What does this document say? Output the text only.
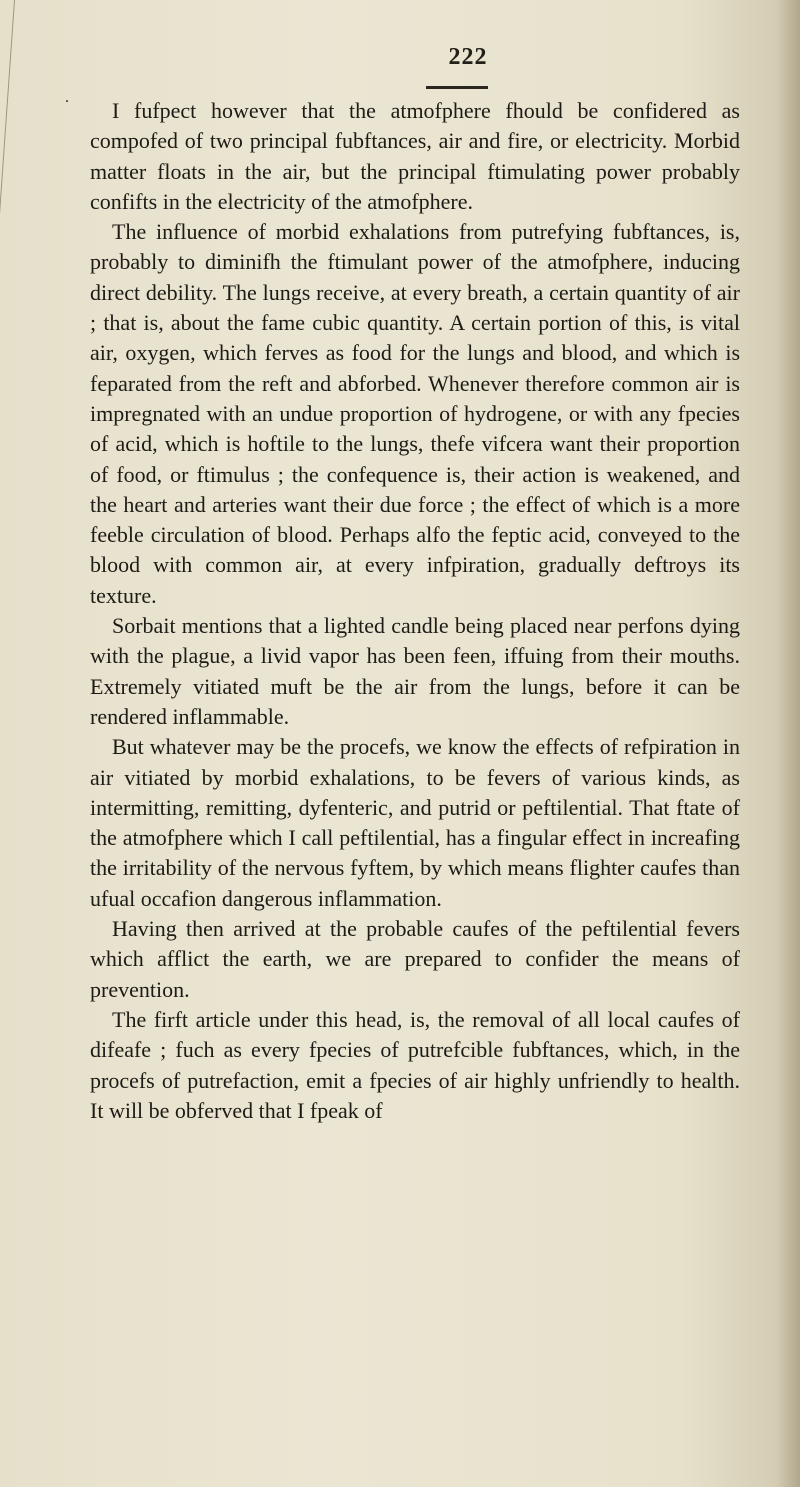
222
˙	I fufpect however that the atmofphere fhould be confidered as compofed of two principal fubftances, air and fire, or electricity. Morbid matter floats in the air, but the principal ftimulating power probably confifts in the electricity of the atmofphere.

The influence of morbid exhalations from putrefying fubftances, is, probably to diminifh the ftimulant power of the atmofphere, inducing direct debility. The lungs receive, at every breath, a certain quantity of air ; that is, about the fame cubic quantity. A certain portion of this, is vital air, oxygen, which ferves as food for the lungs and blood, and which is feparated from the reft and abforbed. Whenever therefore common air is impregnated with an undue proportion of hydrogene, or with any fpecies of acid, which is hoftile to the lungs, thefe vifcera want their proportion of food, or ftimulus ; the confequence is, their action is weakened, and the heart and arteries want their due force ; the effect of which is a more feeble circulation of blood. Perhaps alfo the feptic acid, conveyed to the blood with common air, at every infpiration, gradually deftroys its texture.

Sorbait mentions that a lighted candle being placed near perfons dying with the plague, a livid vapor has been feen, iffuing from their mouths. Extremely vitiated muft be the air from the lungs, before it can be rendered inflammable.

But whatever may be the procefs, we know the effects of refpiration in air vitiated by morbid exhalations, to be fevers of various kinds, as intermitting, remitting, dyfenteric, and putrid or peftilential. That ftate of the atmofphere which I call peftilential, has a fingular effect in increafing the irritability of the nervous fyftem, by which means flighter caufes than ufual occafion dangerous inflammation.

Having then arrived at the probable caufes of the peftilential fevers which afflict the earth, we are prepared to confider the means of prevention.

The firft article under this head, is, the removal of all local caufes of difeafe ; fuch as every fpecies of putrefcible fubftances, which, in the procefs of putrefaction, emit a fpecies of air highly unfriendly to health. It will be obferved that I fpeak of
